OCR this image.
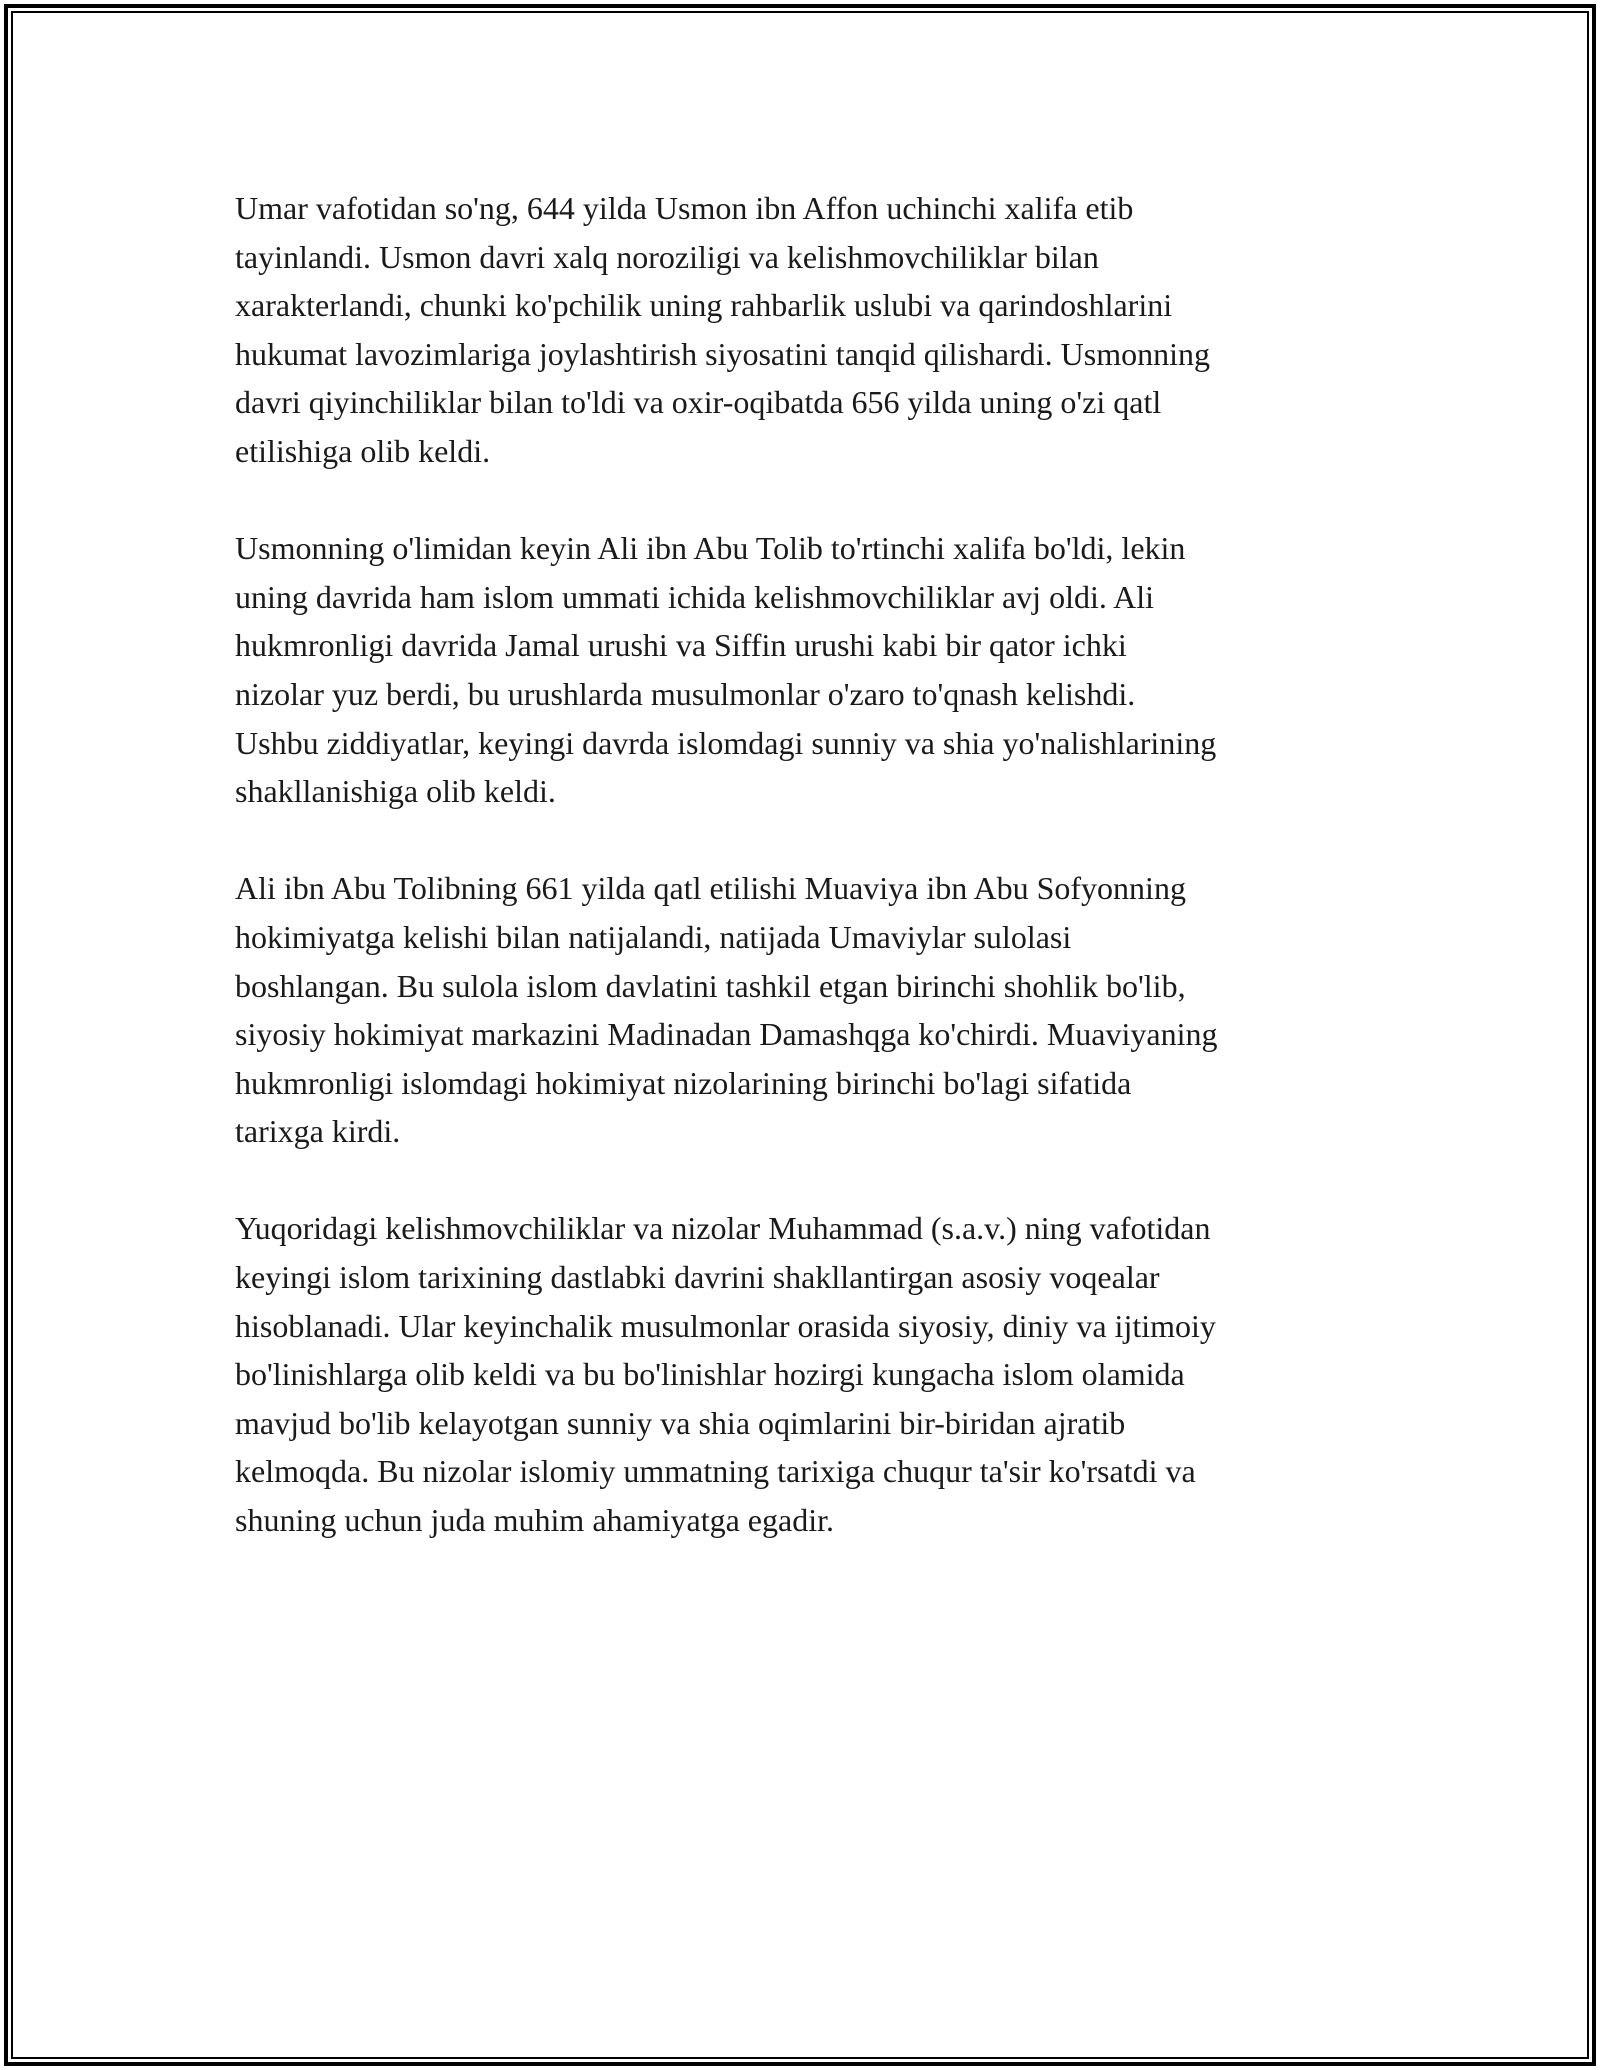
Umar vafotidan so'ng, 644 yilda Usmon ibn Affon uchinchi xalifa etib
tayinlandi. Usmon davri xalq noroziligi va kelishmovchiliklar bilan
xarakterlandi, chunki ko'pchilik uning rahbarlik uslubi va qarindoshlarini
hukumat lavozimlariga joylashtirish siyosatini tanqid qilishardi. Usmonning
davri qiyinchiliklar bilan to'ldi va oxir-oqibatda 656 yilda uning o'zi qatl
etilishiga olib keldi.

Usmonning o'limidan keyin Ali ibn Abu Tolib to'rtinchi xalifa bo'ldi, lekin
uning davrida ham islom ummati ichida kelishmovchiliklar avj oldi. Ali
hukmronligi davrida Jamal urushi va Siffin urushi kabi bir qator ichki
nizolar yuz berdi, bu urushlarda musulmonlar o'zaro to'qnash kelishdi.
Ushbu ziddiyatlar, keyingi davrda islomdagi sunniy va shia yo'nalishlarining
shakllanishiga olib keldi.

Ali ibn Abu Tolibning 661 yilda qatl etilishi Muaviya ibn Abu Sofyonning
hokimiyatga kelishi bilan natijalandi, natijada Umaviylar sulolasi
boshlangan. Bu sulola islom davlatini tashkil etgan birinchi shohlik bo'lib,
siyosiy hokimiyat markazini Madinadan Damashqga ko'chirdi. Muaviyaning
hukmronligi islomdagi hokimiyat nizolarining birinchi bo'lagi sifatida
tarixga kirdi.

Yuqoridagi kelishmovchiliklar va nizolar Muhammad (s.a.v.) ning vafotidan
keyingi islom tarixining dastlabki davrini shakllantirgan asosiy voqealar
hisoblanadi. Ular keyinchalik musulmonlar orasida siyosiy, diniy va ijtimoiy
bo'linishlarga olib keldi va bu bo'linishlar hozirgi kungacha islom olamida
mavjud bo'lib kelayotgan sunniy va shia oqimlarini bir-biridan ajratib
kelmoqda. Bu nizolar islomiy ummatning tarixiga chuqur ta'sir ko'rsatdi va
shuning uchun juda muhim ahamiyatga egadir.
